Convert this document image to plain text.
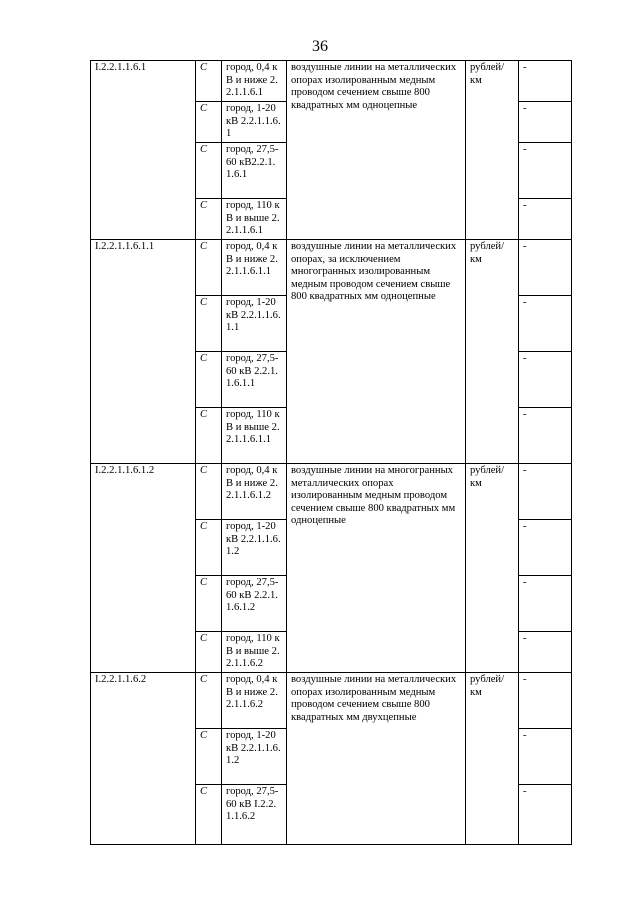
36
I.2.2.1.1.6.1	С	город, 0,4 кВ и ниже 2.2.1.1.6.1	воздушные линии на металлических опорах изолированным медным проводом сечением свыше 800 квадратных мм одноцепные	рублей/ км	-
	С	город, 1-20 кВ 2.2.1.1.6.1			-
	С	город, 27,5-60 кВ2.2.1.1.6.1			-
	С	город, 110 кВ и выше 2.2.1.1.6.1			-
I.2.2.1.1.6.1.1	С	город, 0,4 кВ и ниже 2.2.1.1.6.1.1	воздушные линии на металлических опорах, за исключением многогранных изолированным медным проводом сечением свыше 800 квадратных мм одноцепные	рублей/ км	-
	С	город, 1-20 кВ 2.2.1.1.6.1.1			-
	С	город, 27,5-60 кВ 2.2.1.1.6.1.1			-
	С	город, 110 кВ и выше 2.2.1.1.6.1.1			-
I.2.2.1.1.6.1.2	С	город, 0,4 кВ и ниже 2.2.1.1.6.1.2	воздушные линии на многогранных металлических опорах изолированным медным проводом сечением свыше 800 квадратных мм одноцепные	рублей/ км	-
	С	город, 1-20 кВ 2.2.1.1.6.1.2			-
	С	город, 27,5-60 кВ 2.2.1.1.6.1.2			-
	С	город, 110 кВ и выше 2.2.1.1.6.2			-
I.2.2.1.1.6.2	С	город, 0,4 кВ и ниже 2.2.1.1.6.2	воздушные линии на металлических опорах изолированным медным проводом сечением свыше 800 квадратных мм двухцепные	рублей/ км	-
	С	город, 1-20 кВ 2.2.1.1.6.1.2			-
	С	город, 27,5-60 кВ I.2.2.1.1.6.2			-
